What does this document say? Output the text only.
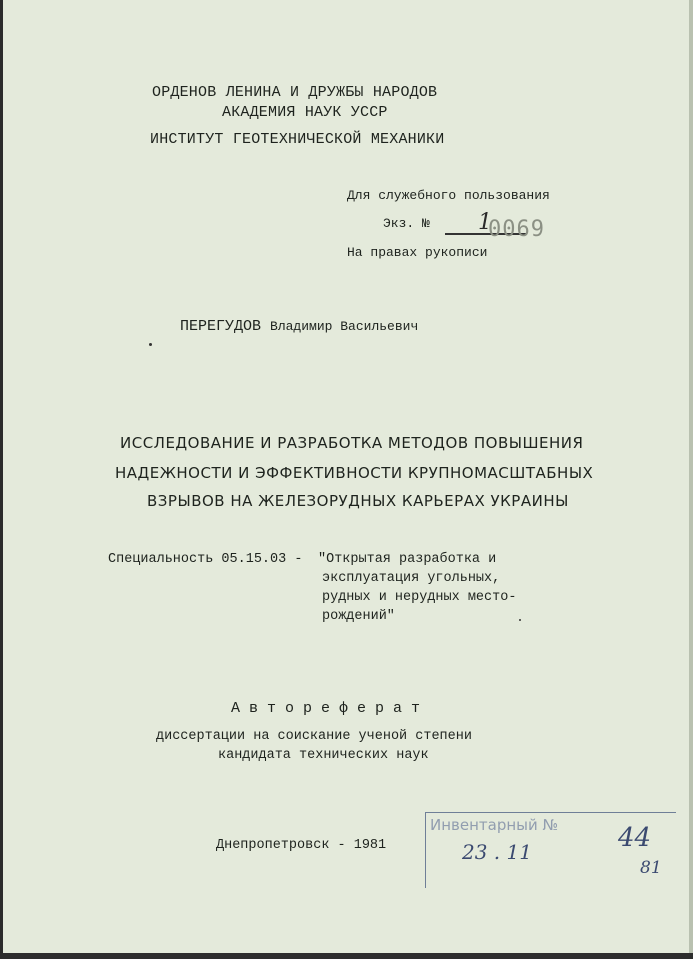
ОРДЕНОВ ЛЕНИНА И ДРУЖБЫ НАРОДОВ
АКАДЕМИЯ НАУК УССР
ИНСТИТУТ ГЕОТЕХНИЧЕСКОЙ МЕХАНИКИ
Для служебного пользования
Экз. № 1
0069
На правах рукописи
ПЕРЕГУДОВ Владимир Васильевич
ИССЛЕДОВАНИЕ И РАЗРАБОТКА МЕТОДОВ ПОВЫШЕНИЯ
НАДЕЖНОСТИ И ЭФФЕКТИВНОСТИ КРУПНОМАСШТАБНЫХ
ВЗРЫВОВ НА ЖЕЛЕЗОРУДНЫХ КАРЬЕРАХ УКРАИНЫ
Специальность 05.15.03 - "Открытая разработка и
эксплуатация угольных,
рудных и нерудных место-
рождений"
А в т о р е ф е р а т
диссертации на соискание ученой степени
кандидата технических наук
Днепропетровск - 1981
Инвентарный № 44
23 . 11
81
